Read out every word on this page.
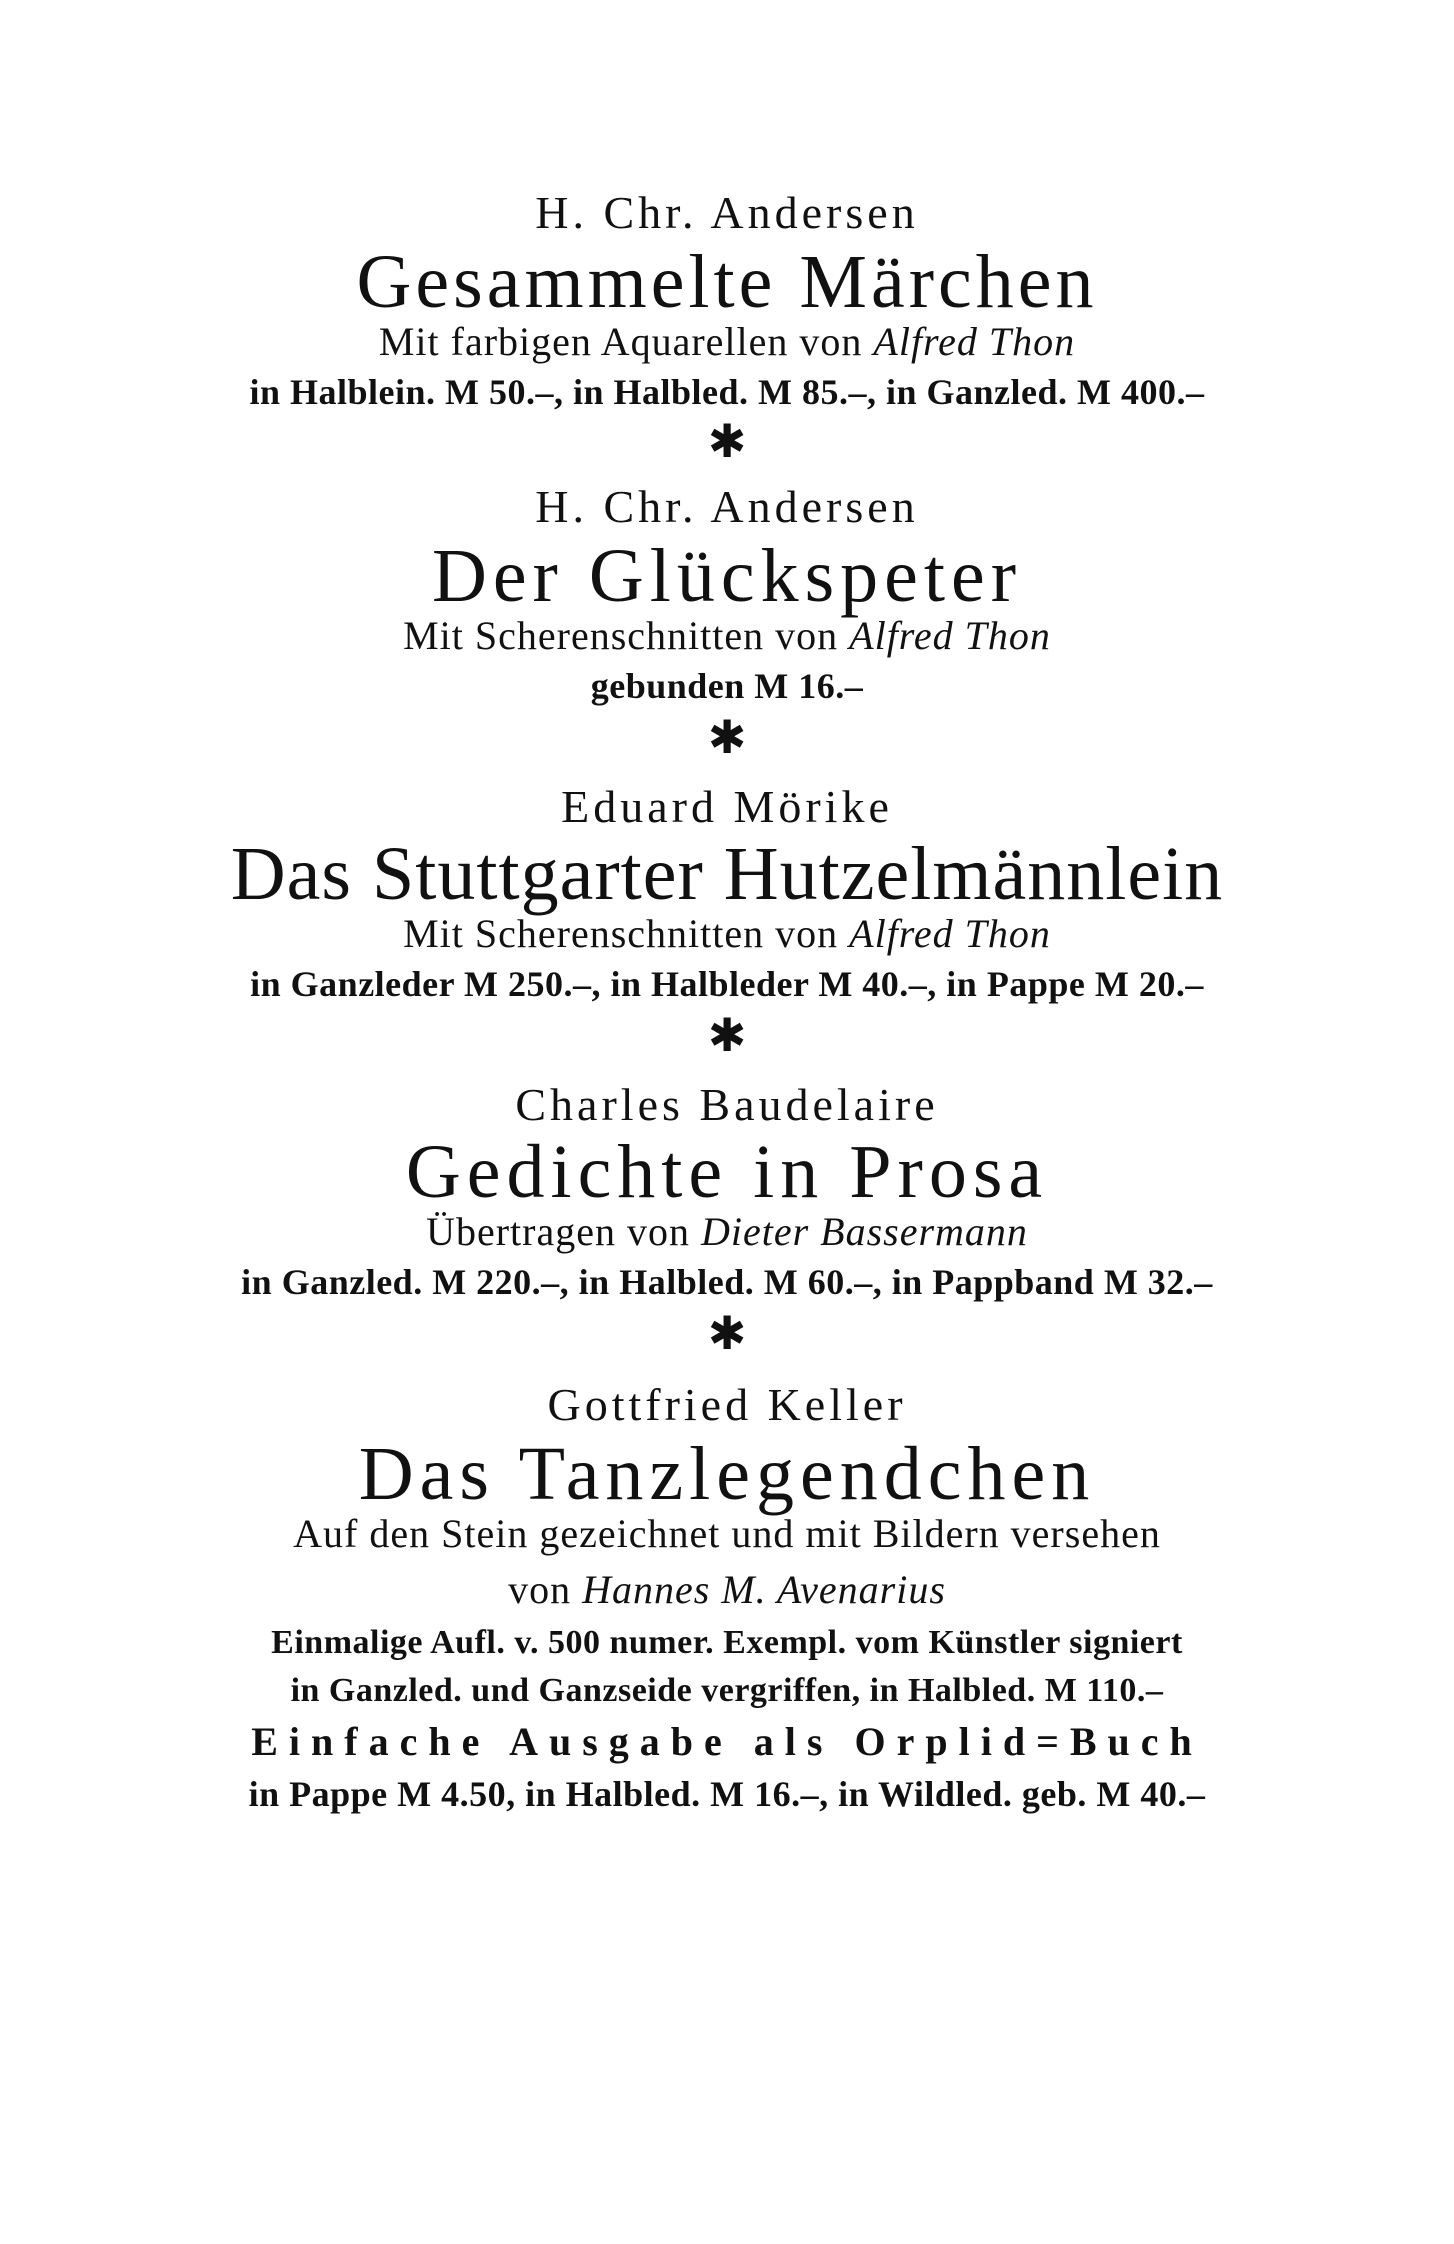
H. Chr. Andersen
Gesammelte Märchen
Mit farbigen Aquarellen von Alfred Thon
in Halblein. M 50.–, in Halbled. M 85.–, in Ganzled. M 400.–
✱
H. Chr. Andersen
Der Glückspeter
Mit Scherenschnitten von Alfred Thon
gebunden M 16.–
✱
Eduard Mörike
Das Stuttgarter Hutzelmännlein
Mit Scherenschnitten von Alfred Thon
in Ganzleder M 250.–, in Halbleder M 40.–, in Pappe M 20.–
✱
Charles Baudelaire
Gedichte in Prosa
Übertragen von Dieter Bassermann
in Ganzled. M 220.–, in Halbled. M 60.–, in Pappband M 32.–
✱
Gottfried Keller
Das Tanzlegendchen
Auf den Stein gezeichnet und mit Bildern versehen
von Hannes M. Avenarius
Einmalige Aufl. v. 500 numer. Exempl. vom Künstler signiert
in Ganzled. und Ganzseide vergriffen, in Halbled. M 110.–
Einfache Ausgabe als Orplid=Buch
in Pappe M 4.50, in Halbled. M 16.–, in Wildled. geb. M 40.–
